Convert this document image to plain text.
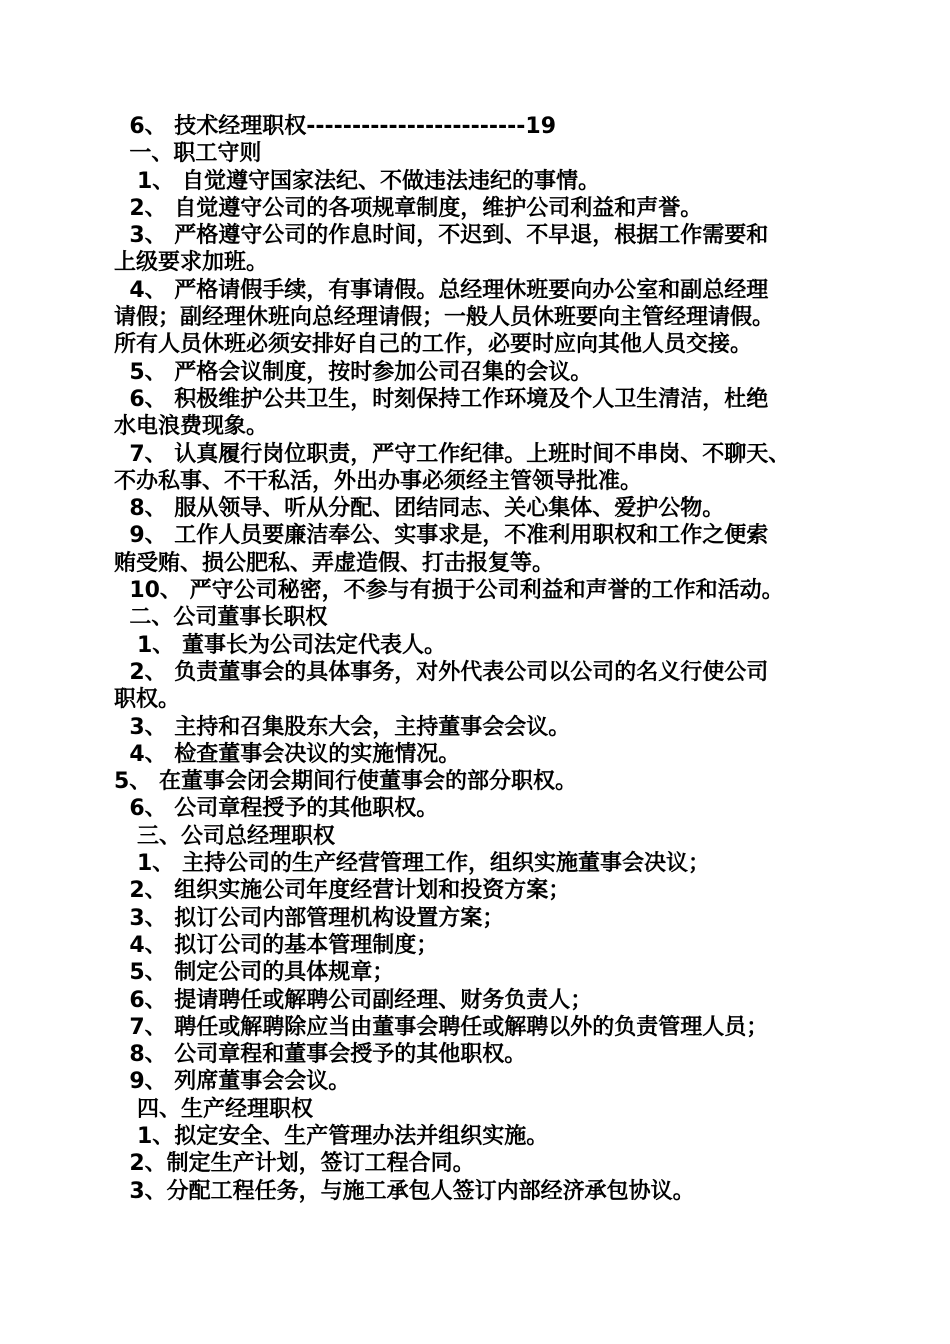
6、 技术经理职权------------------------19

一、职工守则

1、 自觉遵守国家法纪、不做违法违纪的事情。

2、 自觉遵守公司的各项规章制度，维护公司利益和声誉。

3、 严格遵守公司的作息时间，不迟到、不早退，根据工作需要和

上级要求加班。

4、 严格请假手续，有事请假。总经理休班要向办公室和副总经理

请假；副经理休班向总经理请假；一般人员休班要向主管经理请假。

所有人员休班必须安排好自己的工作，必要时应向其他人员交接。

5、 严格会议制度，按时参加公司召集的会议。

6、 积极维护公共卫生，时刻保持工作环境及个人卫生清洁，杜绝

水电浪费现象。

7、 认真履行岗位职责，严守工作纪律。上班时间不串岗、不聊天、

不办私事、不干私活，外出办事必须经主管领导批准。

8、 服从领导、听从分配、团结同志、关心集体、爱护公物。

9、 工作人员要廉洁奉公、实事求是，不准利用职权和工作之便索

贿受贿、损公肥私、弄虚造假、打击报复等。

10、 严守公司秘密，不参与有损于公司利益和声誉的工作和活动。

二、公司董事长职权

1、 董事长为公司法定代表人。

2、 负责董事会的具体事务，对外代表公司以公司的名义行使公司

职权。

3、 主持和召集股东大会，主持董事会会议。

4、 检查董事会决议的实施情况。

5、 在董事会闭会期间行使董事会的部分职权。

6、 公司章程授予的其他职权。

三、公司总经理职权

1、 主持公司的生产经营管理工作，组织实施董事会决议；

2、 组织实施公司年度经营计划和投资方案；

3、 拟订公司内部管理机构设置方案；

4、 拟订公司的基本管理制度；

5、 制定公司的具体规章；

6、 提请聘任或解聘公司副经理、财务负责人；

7、 聘任或解聘除应当由董事会聘任或解聘以外的负责管理人员；

8、 公司章程和董事会授予的其他职权。

9、 列席董事会会议。

四、生产经理职权

1、拟定安全、生产管理办法并组织实施。

2、制定生产计划，签订工程合同。

3、分配工程任务，与施工承包人签订内部经济承包协议。
